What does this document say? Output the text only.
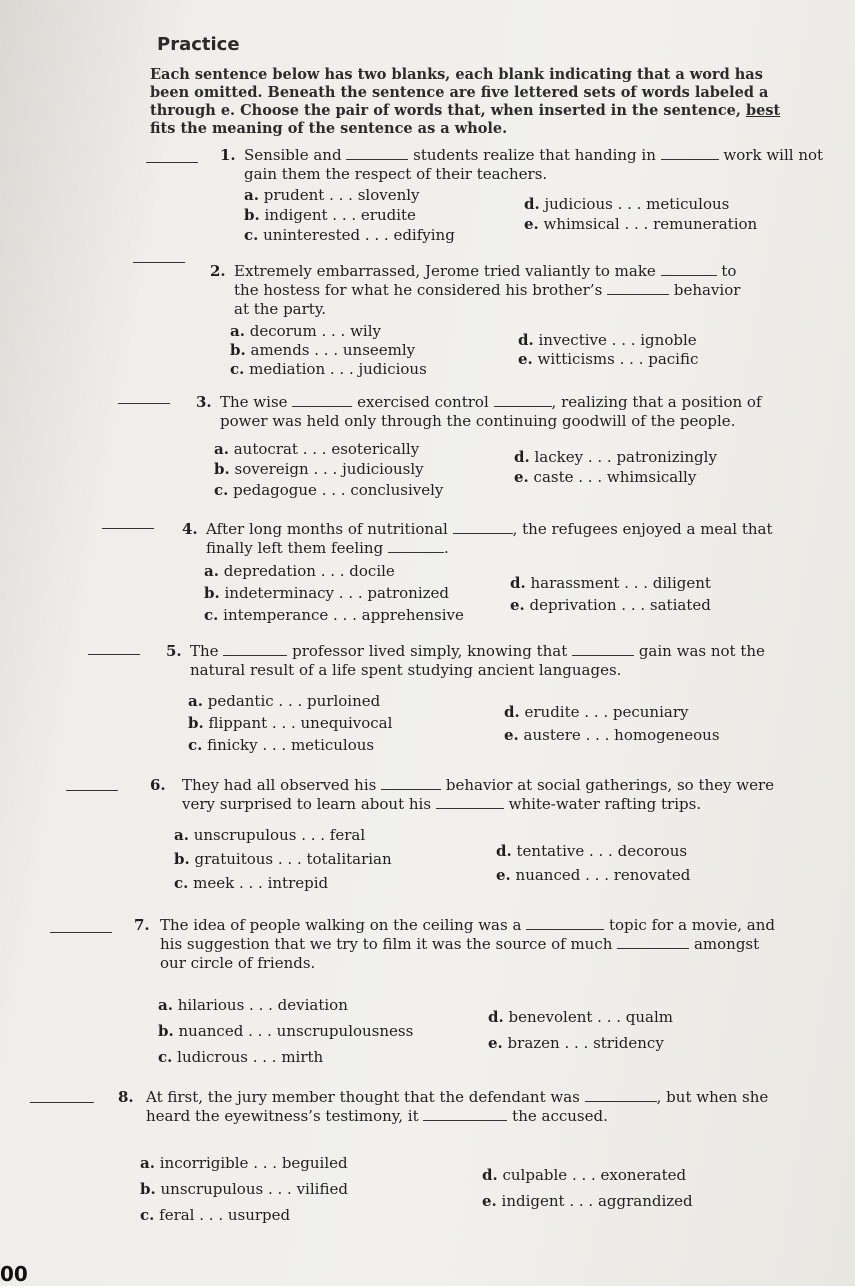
Practice
Each sentence below has two blanks, each blank indicating that a word has been omitted. Beneath the sentence are five lettered sets of words labeled a through e. Choose the pair of words that, when inserted in the sentence, best fits the meaning of the sentence as a whole.
1. Sensible and	students realize that handing in	work will not gain them the respect of their teachers.
a. prudent . . . slovenly
b. indigent . . . erudite
c. uninterested . . . edifying
d. judicious . . . meticulous
e. whimsical . . . remuneration
2. Extremely embarrassed, Jerome tried valiantly to make	to the hostess for what he considered his brother’s	behavior at the party.
a. decorum . . . wily
b. amends . . . unseemly
c. mediation . . . judicious
d. invective . . . ignoble
e. witticisms . . . pacific
3. The wise	exercised control	, realizing that a position of power was held only through the continuing goodwill of the people.
a. autocrat . . . esoterically
b. sovereign . . . judiciously
c. pedagogue . . . conclusively
d. lackey . . . patronizingly
e. caste . . . whimsically
4. After long months of nutritional	, the refugees enjoyed a meal that finally left them feeling	.
a. depredation . . . docile
b. indeterminacy . . . patronized
c. intemperance . . . apprehensive
d. harassment . . . diligent
e. deprivation . . . satiated
5. The	professor lived simply, knowing that	gain was not the natural result of a life spent studying ancient languages.
a. pedantic . . . purloined
b. flippant . . . unequivocal
c. finicky . . . meticulous
d. erudite . . . pecuniary
e. austere . . . homogeneous
6. They had all observed his	behavior at social gatherings, so they were very surprised to learn about his	white-water rafting trips.
a. unscrupulous . . . feral
b. gratuitous . . . totalitarian
c. meek . . . intrepid
d. tentative . . . decorous
e. nuanced . . . renovated
7. The idea of people walking on the ceiling was a	topic for a movie, and his suggestion that we try to film it was the source of much	amongst our circle of friends.
a. hilarious . . . deviation
b. nuanced . . . unscrupulousness
c. ludicrous . . . mirth
d. benevolent . . . qualm
e. brazen . . . stridency
8. At first, the jury member thought that the defendant was	, but when she heard the eyewitness’s testimony, it	the accused.
a. incorrigible . . . beguiled
b. unscrupulous . . . vilified
c. feral . . . usurped
d. culpable . . . exonerated
e. indigent . . . aggrandized
00
